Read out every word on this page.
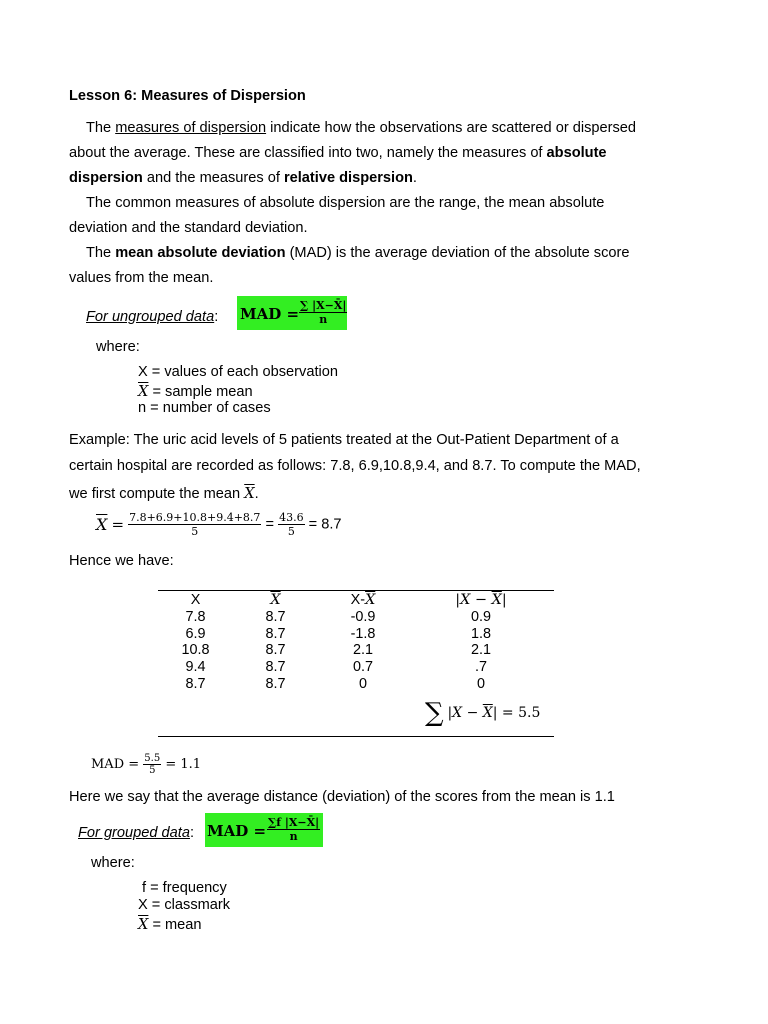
Lesson 6: Measures of Dispersion
The measures of dispersion indicate how the observations are scattered or dispersed
about the average. These are classified into two, namely the measures of absolute
dispersion and the measures of relative dispersion.
The common measures of absolute dispersion are the range, the mean absolute
deviation and the standard deviation.
The mean absolute deviation (MAD) is the average deviation of the absolute score
values from the mean.
For ungrouped data: MAD = $\frac{\sum |X-X̄|}{n}$
where:
X = values of each observation
$\overline{X}$ = sample mean
n = number of cases
Example: The uric acid levels of 5 patients treated at the Out-Patient Department of a
certain hospital are recorded as follows: 7.8, 6.9,10.8,9.4, and 8.7. To compute the MAD,
we first compute the mean $\overline{X}$.
$\overline{X} = \frac{7.8+6.9+10.8+9.4+8.7}{5} = \frac{43.6}{5} = 8.7$
Hence we have:
X	$\overline{X}$	$X-\overline{X}$	$|X - \overline{X}|$
7.8	8.7	-0.9	0.9
6.9	8.7	-1.8	1.8
10.8	8.7	2.1	2.1
9.4	8.7	0.7	.7
8.7	8.7	0	0
∑ $|X - \overline{X}| = 5.5$
MAD = $\frac{5.5}{5} = 1.1$
Here we say that the average distance (deviation) of the scores from the mean is 1.1
For grouped data: MAD = $\frac{\sum f |X-X̄|}{n}$
where:
f = frequency
X = classmark
$\overline{X}$ = mean
